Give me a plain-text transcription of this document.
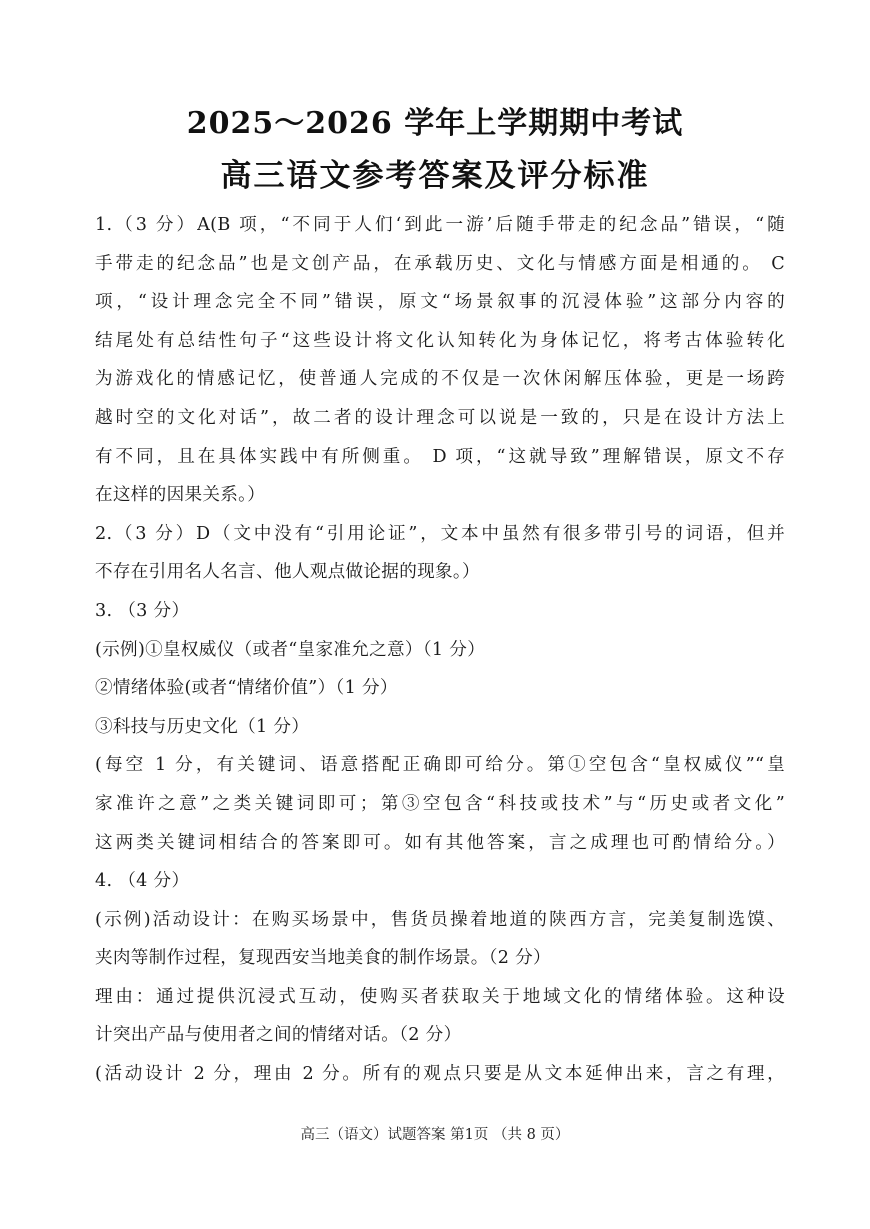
2025～2026 学年上学期期中考试
高三语文参考答案及评分标准
1.（3 分）A(B 项，“不同于人们‘到此一游’后随手带走的纪念品”错误，“随
手带走的纪念品”也是文创产品，在承载历史、文化与情感方面是相通的。 C
项，“设计理念完全不同”错误，原文“场景叙事的沉浸体验”这部分内容的
结尾处有总结性句子“这些设计将文化认知转化为身体记忆，将考古体验转化
为游戏化的情感记忆，使普通人完成的不仅是一次休闲解压体验，更是一场跨
越时空的文化对话”，故二者的设计理念可以说是一致的，只是在设计方法上
有不同，且在具体实践中有所侧重。 D 项，“这就导致”理解错误，原文不存
在这样的因果关系。）
2.（3 分）D（文中没有“引用论证”，文本中虽然有很多带引号的词语，但并
不存在引用名人名言、他人观点做论据的现象。）
3. （3 分）
(示例)①皇权威仪（或者“皇家准允之意）（1 分）
②情绪体验(或者“情绪价值”）（1 分）
③科技与历史文化（1 分）
(每空 1 分，有关键词、语意搭配正确即可给分。第①空包含“皇权威仪”“皇
家准许之意”之类关键词即可；第③空包含“科技或技术”与“历史或者文化”
这两类关键词相结合的答案即可。如有其他答案，言之成理也可酌情给分。）
4. （4 分）
(示例)活动设计：在购买场景中，售货员操着地道的陕西方言，完美复制选馍、
夹肉等制作过程，复现西安当地美食的制作场景。（2 分）
理由：通过提供沉浸式互动，使购买者获取关于地域文化的情绪体验。这种设
计突出产品与使用者之间的情绪对话。（2 分）
(活动设计 2 分，理由 2 分。所有的观点只要是从文本延伸出来，言之有理，
高三（语文）试题答案 第1页 （共 8 页）
